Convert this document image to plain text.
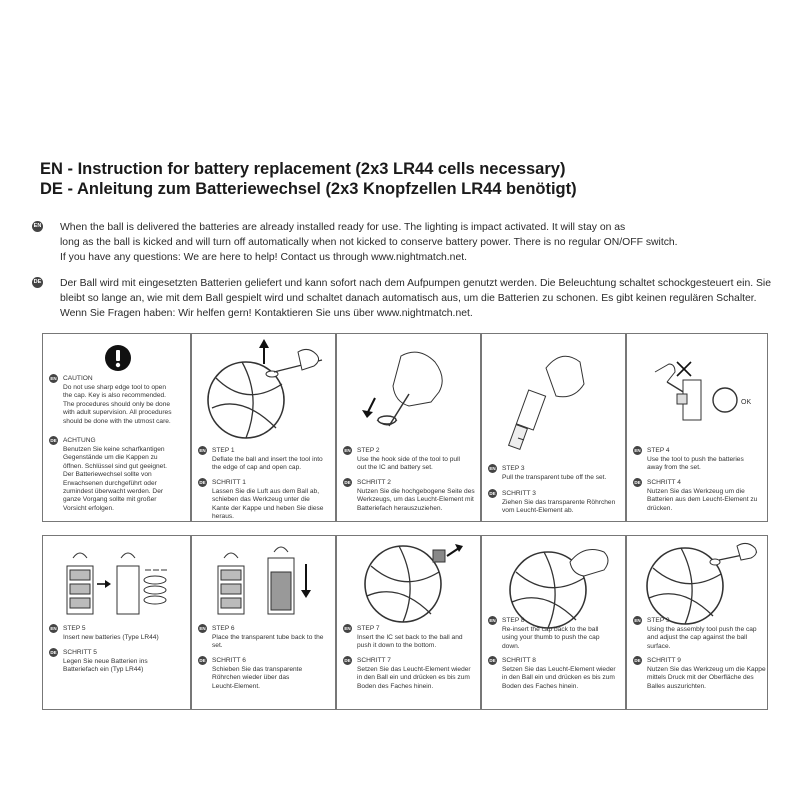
EN - Instruction for battery replacement (2x3 LR44 cells necessary)
DE - Anleitung zum Batteriewechsel (2x3 Knopfzellen LR44 benötigt)
EN When the ball is delivered the batteries are already installed ready for use. The lighting is impact activated. It will stay on as
long as the ball is kicked and will turn off automatically when not kicked to conserve battery power. There is no regular ON/OFF switch.
If you have any questions: We are here to help! Contact us through www.nightmatch.net.
DE Der Ball wird mit eingesetzten Batterien geliefert und kann sofort nach dem Aufpumpen genutzt werden. Die Beleuchtung schaltet schockgesteuert ein. Sie
bleibt so lange an, wie mit dem Ball gespielt wird und schaltet danach automatisch aus, um die Batterien zu schonen. Es gibt keinen regulären Schalter.
Wenn Sie Fragen haben: Wir helfen gern! Kontaktieren Sie uns über www.nightmatch.net.
EN CAUTION
Do not use sharp edge tool to open
the cap. Key is also recommended.
The procedures should only be done
with adult supervision. All procedures
should be done with the utmost care.
DE ACHTUNG
Benutzen Sie keine scharfkantigen
Gegenstände um die Kappen zu
öffnen. Schlüssel sind gut geeignet.
Der Batteriewechsel sollte von
Erwachsenen durchgeführt oder
zumindest überwacht werden. Der
ganze Vorgang sollte mit großer
Vorsicht erfolgen.
EN STEP 1
Deflate the ball and insert the tool into
the edge of cap and open cap.
DE SCHRITT 1
Lassen Sie die Luft aus dem Ball ab,
schieben das Werkzeug unter die
Kante der Kappe und heben Sie diese
heraus.
EN STEP 2
Use the hook side of the tool to pull
out the IC and battery set.
DE SCHRITT 2
Nutzen Sie die hochgebogene Seite des
Werkzeugs, um das Leucht-Element mit
Batteriefach herauszuziehen.
EN STEP 3
Pull the transparent tube off the set.
DE SCHRITT 3
Ziehen Sie das transparente Röhrchen
vom Leucht-Element ab.
OK
EN STEP 4
Use the tool to push the batteries
away from the set.
DE SCHRITT 4
Nutzen Sie das Werkzeug um die
Batterien aus dem Leucht-Element zu
drücken.
EN STEP 5
Insert new batteries (Type LR44)
DE SCHRITT 5
Legen Sie neue Batterien ins
Batteriefach ein (Typ LR44)
EN STEP 6
Place the transparent tube back to the
set.
DE SCHRITT 6
Schieben Sie das transparente
Röhrchen wieder über das
Leucht-Element.
EN STEP 7
Insert the IC set back to the ball and
push it down to the bottom.
DE SCHRITT 7
Setzen Sie das Leucht-Element wieder
in den Ball ein und drücken es bis zum
Boden des Faches hinein.
EN STEP 8
Re-insert the cap back to the ball
using your thumb to push the cap
down.
DE SCHRITT 8
Setzen Sie das Leucht-Element wieder
in den Ball ein und drücken es bis zum
Boden des Faches hinein.
EN STEP 9
Using the assembly tool push the cap
and adjust the cap against the ball
surface.
DE SCHRITT 9
Nutzen Sie das Werkzeug um die Kappe
mittels Druck mit der Oberfläche des
Balles auszurichten.
